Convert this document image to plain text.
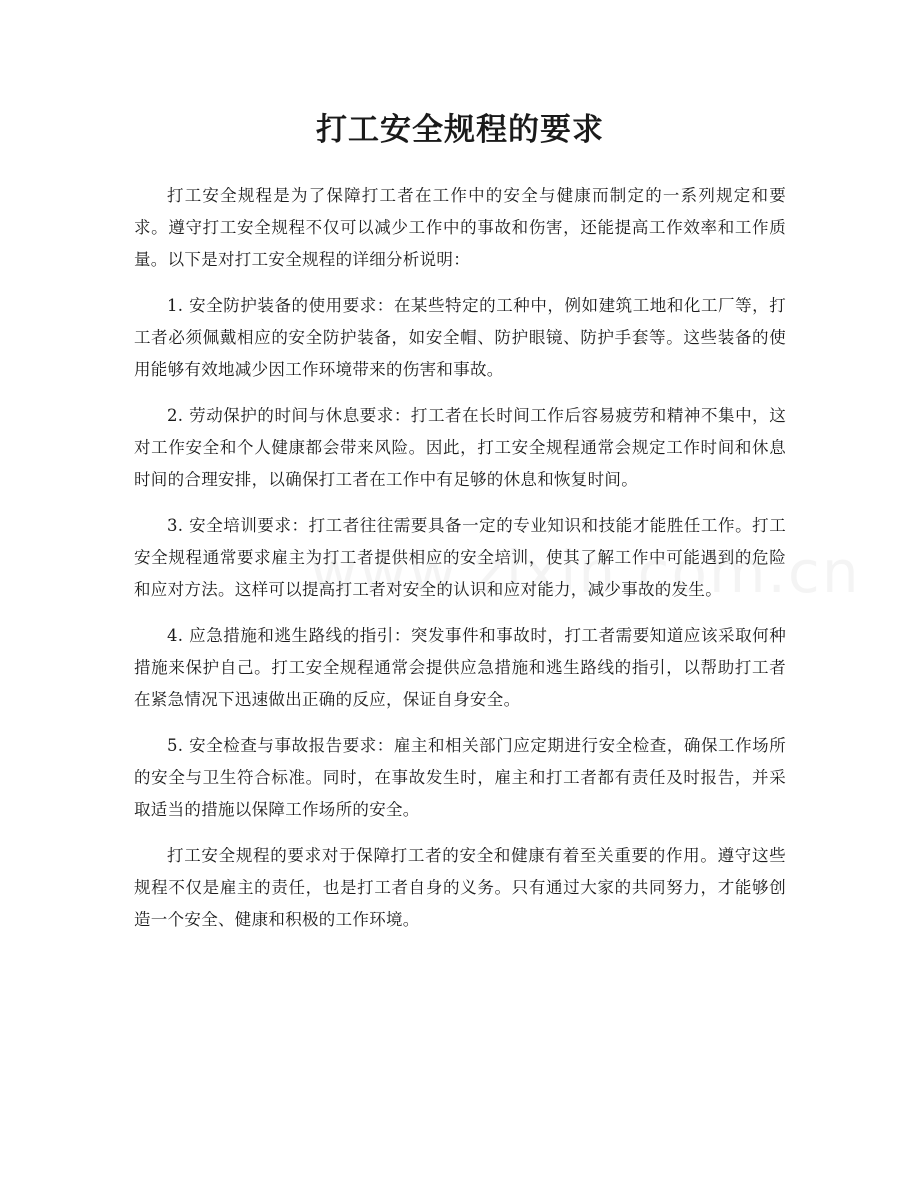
打工安全规程的要求

打工安全规程是为了保障打工者在工作中的安全与健康而制定的一系列规定和要求。遵守打工安全规程不仅可以减少工作中的事故和伤害，还能提高工作效率和工作质量。以下是对打工安全规程的详细分析说明：

1. 安全防护装备的使用要求：在某些特定的工种中，例如建筑工地和化工厂等，打工者必须佩戴相应的安全防护装备，如安全帽、防护眼镜、防护手套等。这些装备的使用能够有效地减少因工作环境带来的伤害和事故。

2. 劳动保护的时间与休息要求：打工者在长时间工作后容易疲劳和精神不集中，这对工作安全和个人健康都会带来风险。因此，打工安全规程通常会规定工作时间和休息时间的合理安排，以确保打工者在工作中有足够的休息和恢复时间。

3. 安全培训要求：打工者往往需要具备一定的专业知识和技能才能胜任工作。打工安全规程通常要求雇主为打工者提供相应的安全培训，使其了解工作中可能遇到的危险和应对方法。这样可以提高打工者对安全的认识和应对能力，减少事故的发生。

4. 应急措施和逃生路线的指引：突发事件和事故时，打工者需要知道应该采取何种措施来保护自己。打工安全规程通常会提供应急措施和逃生路线的指引，以帮助打工者在紧急情况下迅速做出正确的反应，保证自身安全。

5. 安全检查与事故报告要求：雇主和相关部门应定期进行安全检查，确保工作场所的安全与卫生符合标准。同时，在事故发生时，雇主和打工者都有责任及时报告，并采取适当的措施以保障工作场所的安全。

打工安全规程的要求对于保障打工者的安全和健康有着至关重要的作用。遵守这些规程不仅是雇主的责任，也是打工者自身的义务。只有通过大家的共同努力，才能够创造一个安全、健康和积极的工作环境。
